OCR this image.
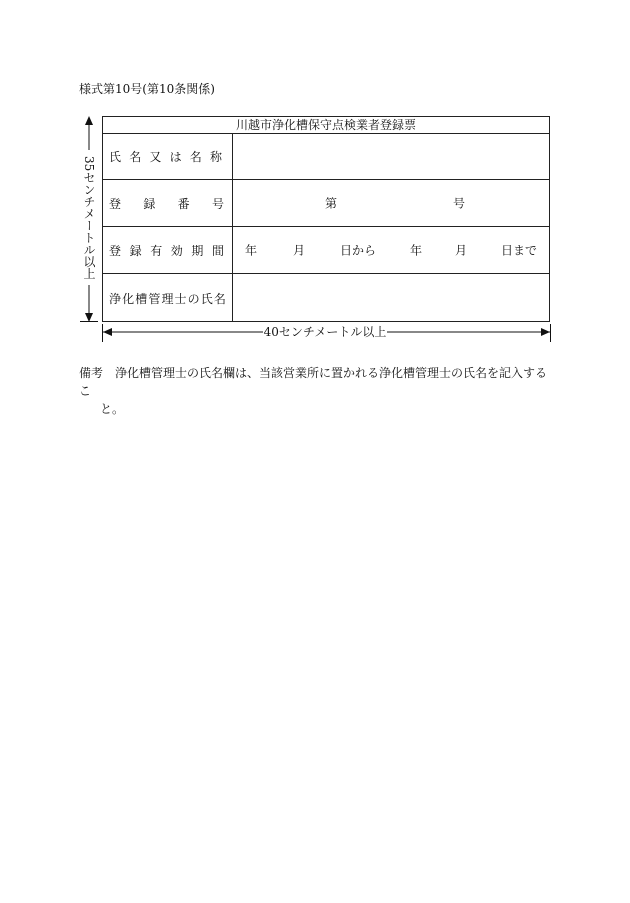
様式第10号(第10条関係)
35センチメートル以上
川越市浄化槽保守点検業者登録票
氏 名 又 は 名 称
登 録 番 号	第	号
登 録 有 効 期 間 年	月	日から	年	月	日まで
浄 化 槽 管 理 士 の 氏 名
40センチメートル以上
備考 浄化槽管理士の氏名欄は、当該営業所に置かれる浄化槽管理士の氏名を記入するこ
と。
